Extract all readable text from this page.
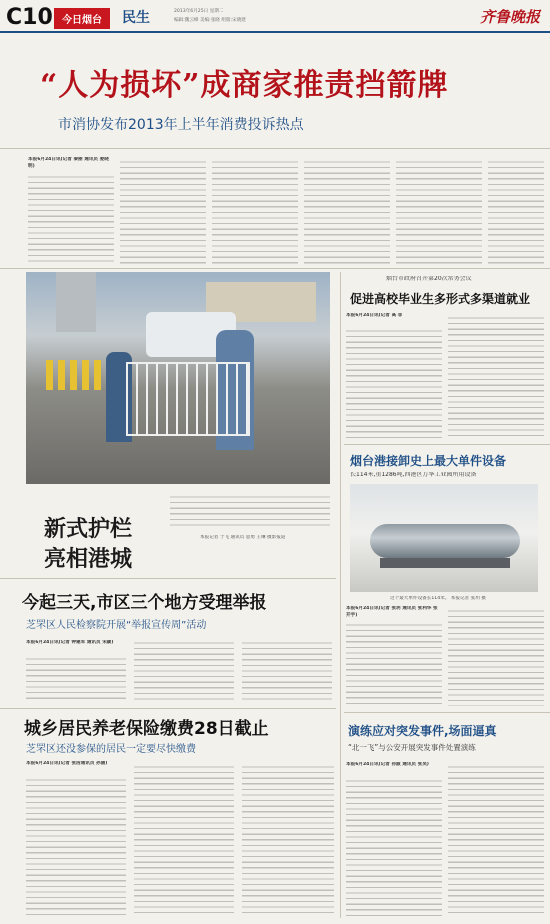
C10 今日烟台	民生	2013年6月25日 星期二
编辑:魏云峰 美编:张晓 组版:宋晓建	齐鲁晚报
“人为损坏”成商家推责挡箭牌
市消协发布2013年上半年消费投诉热点
本报6月24日讯(记者 秦丽 通讯员 姜晓明)
新式护栏
亮相港城
本报记者 于飞 通讯员 思勇 王琳 摄影报道
今起三天,市区三个地方受理举报
芝罘区人民检察院开展“举报宣传周”活动
本报6月24日讯(记者 钟建军 通讯员 宋颖)
城乡居民养老保险缴费28日截止
芝罘区还没参保的居民一定要尽快缴费
本报6月24日讯(记者 张洁通讯员 孙涵)
烟台市政府召开第20次常务会议
促进高校毕业生多形式多渠道就业
本报6月24日讯(记者 高 菲
烟台港接卸史上最大单件设备
长114米,重1286吨,西港区万华工业园所用设备
这个最大单件设备长114米。 本报记者 张玥 摄
本报6月24日讯(记者 张玥 通讯员 张利华 张开宇)
演练应对突发事件,场面逼真
“北一飞”与公安开展突发事件处置演练
本报6月24日讯(记者 孙淑 通讯员 张吴)
